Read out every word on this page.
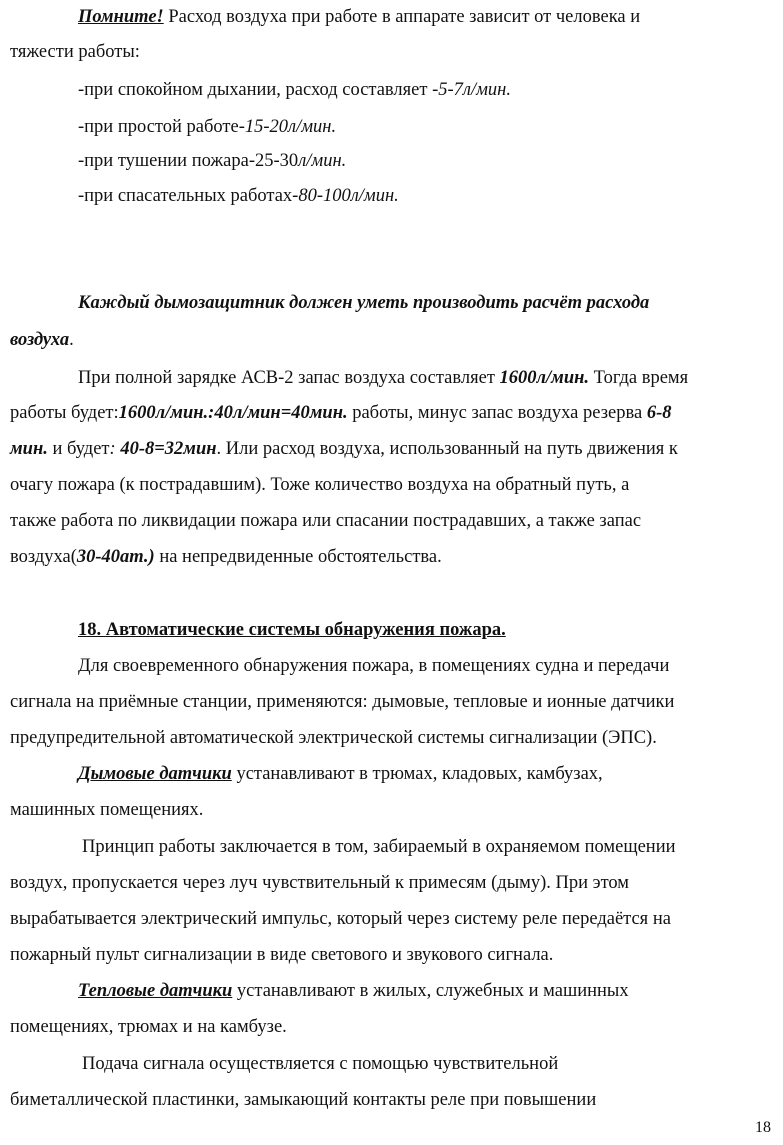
Помните! Расход воздуха при работе в аппарате зависит от человека и
тяжести работы:
-при спокойном дыхании, расход составляет -5-7л/мин.
-при простой работе-15-20л/мин.
-при тушении пожара-25-30л/мин.
-при спасательных работах-80-100л/мин.
Каждый дымозащитник должен уметь производить расчёт расхода
воздуха.
При полной зарядке АСВ-2 запас воздуха составляет 1600л/мин. Тогда время
работы будет:1600л/мин.:40л/мин=40мин. работы, минус запас воздуха резерва 6-8
мин. и будет: 40-8=32мин. Или расход воздуха, использованный на путь движения к
очагу пожара (к пострадавшим). Тоже количество воздуха на обратный путь, а
также работа по ликвидации пожара или спасании пострадавших, а также запас
воздуха(30-40ат.) на непредвиденные обстоятельства.
18. Автоматические системы обнаружения пожара.
Для своевременного обнаружения пожара, в помещениях судна и передачи
сигнала на приёмные станции, применяются: дымовые, тепловые и ионные датчики
предупредительной автоматической электрической системы сигнализации (ЭПС).
Дымовые датчики устанавливают в трюмах, кладовых, камбузах,
машинных помещениях.
Принцип работы заключается в том, забираемый в охраняемом помещении
воздух, пропускается через луч чувствительный к примесям (дыму). При этом
вырабатывается электрический импульс, который через систему реле передаётся на
пожарный пульт сигнализации в виде светового и звукового сигнала.
Тепловые датчики устанавливают в жилых, служебных и машинных
помещениях, трюмах и на камбузе.
Подача сигнала осуществляется с помощью чувствительной
биметаллической пластинки, замыкающий контакты реле при повышении
18
